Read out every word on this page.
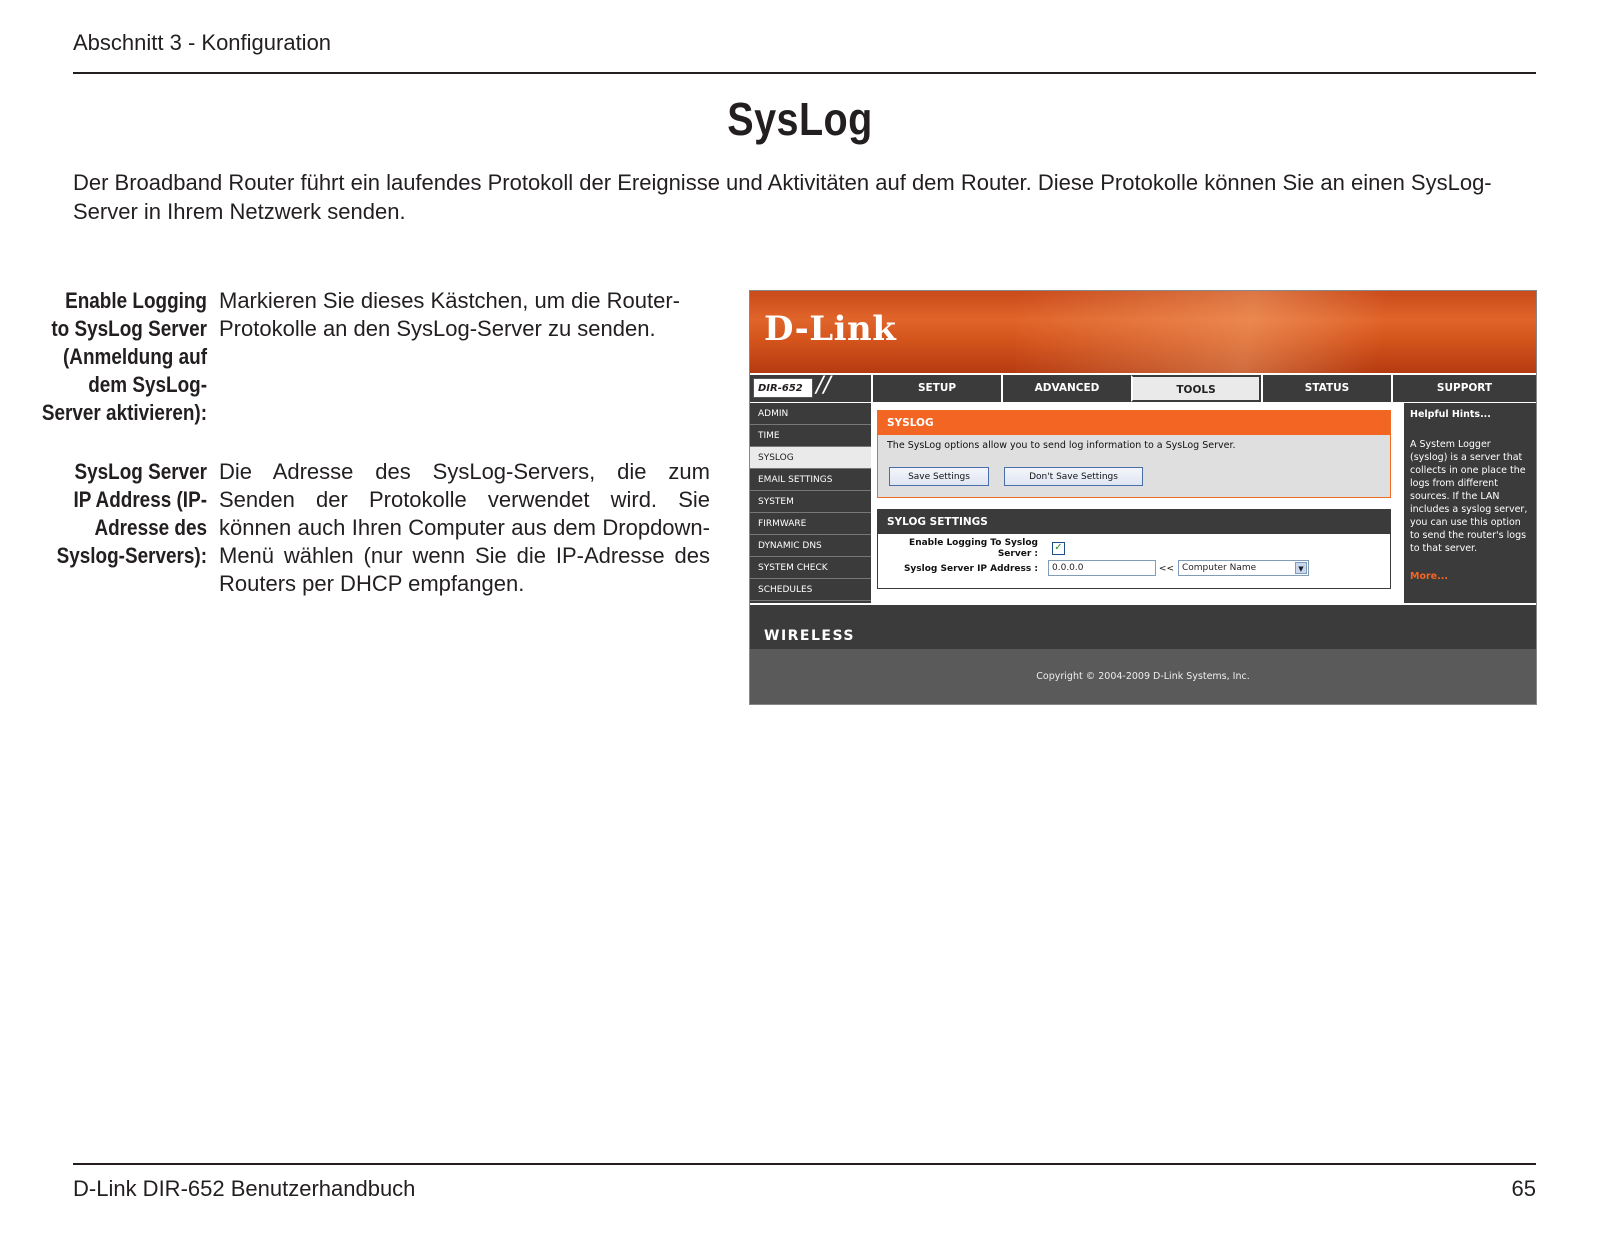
Abschnitt 3 - Konfiguration
SysLog
Der Broadband Router führt ein laufendes Protokoll der Ereignisse und Aktivitäten auf dem Router. Diese Protokolle können Sie an einen SysLog-Server in Ihrem Netzwerk senden.
Enable Logging
to SysLog Server
(Anmeldung auf
dem SysLog-
Server aktivieren):
Markieren Sie dieses Kästchen, um die Router-Protokolle an den SysLog-Server zu senden.
SysLog Server
IP Address (IP-
Adresse des
Syslog-Servers):
Die Adresse des SysLog-Servers, die zum Senden der Protokolle verwendet wird. Sie können auch Ihren Computer aus dem Dropdown-Menü wählen (nur wenn Sie die IP-Adresse des Routers per DHCP empfangen.
D-Link
DIR-652 //	SETUP	ADVANCED	TOOLS	STATUS	SUPPORT
ADMIN
TIME
SYSLOG
EMAIL SETTINGS
SYSTEM
FIRMWARE
DYNAMIC DNS
SYSTEM CHECK
SCHEDULES
SYSLOG
The SysLog options allow you to send log information to a SysLog Server.
Save Settings	Don't Save Settings
SYLOG SETTINGS
Enable Logging To Syslog
Server :
✓
Syslog Server IP Address :	0.0.0.0	<< Computer Name	▼
Helpful Hints...
A System Logger (syslog) is a server that collects in one place the logs from different sources. If the LAN includes a syslog server, you can use this option to send the router's logs to that server.
More...
WIRELESS
Copyright © 2004-2009 D-Link Systems, Inc.
D-Link DIR-652 Benutzerhandbuch	65
